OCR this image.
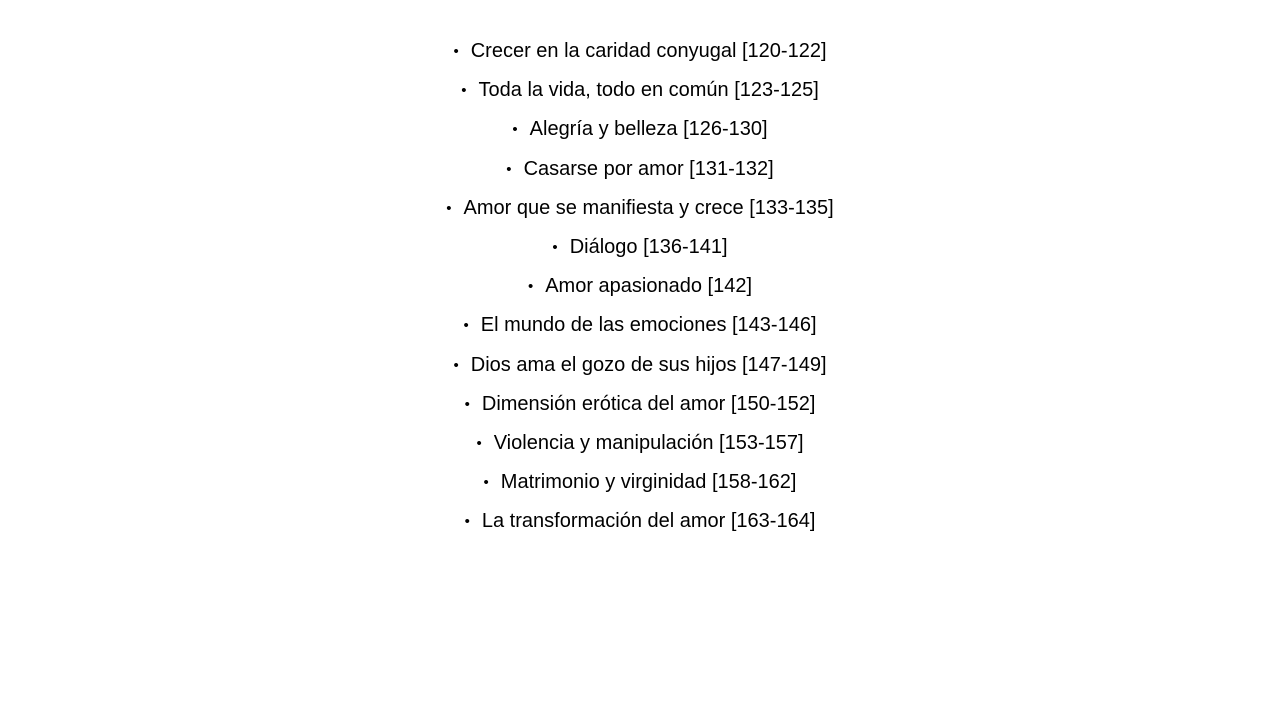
• Crecer en la caridad conyugal [120-122]
• Toda la vida, todo en común [123-125]
• Alegría y belleza [126-130]
• Casarse por amor [131-132]
• Amor que se manifiesta y crece [133-135]
• Diálogo [136-141]
• Amor apasionado [142]
• El mundo de las emociones [143-146]
• Dios ama el gozo de sus hijos [147-149]
• Dimensión erótica del amor [150-152]
• Violencia y manipulación [153-157]
• Matrimonio y virginidad [158-162]
• La transformación del amor [163-164]
